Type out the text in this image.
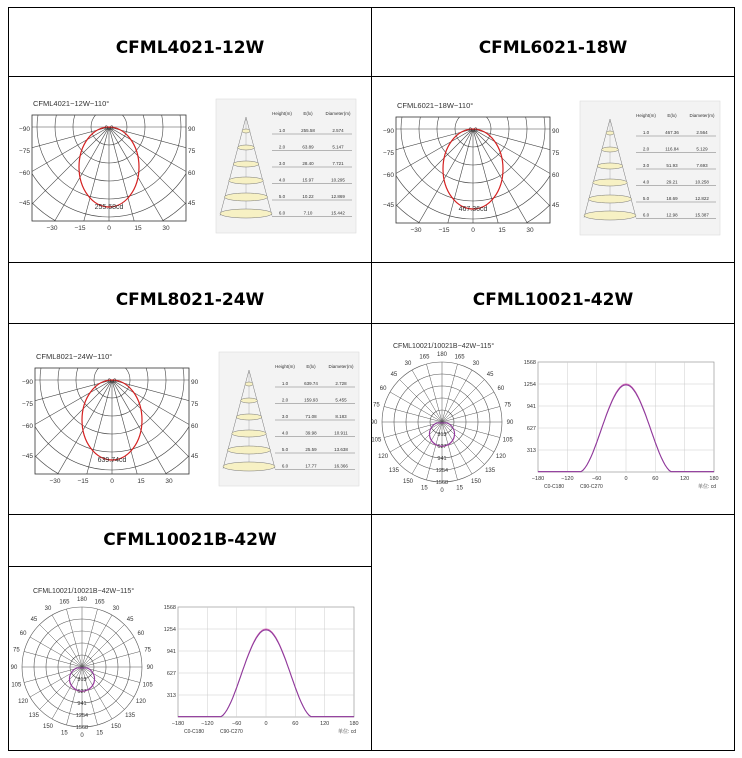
CFML4021-12W	CFML6021-18W
CFML8021-24W	CFML10021-42W
CFML10021B-42W
CFML4021−12W−110°
0.0
255.58cd
−90
−75
−60
−45
90
75
60
45
−30	−15	0	15	30
Height(m)	E(lx)	Diameter(m)
1.0	255.58	2.574
2.0	63.89	5.147
3.0	28.40	7.721
4.0	15.97	10.295
5.0	10.22	12.869
6.0	7.10	15.442
CFML6021−18W−110°
0.0
467.36cd
−90
−75
−60
−45
90
75
60
45
−30	−15	0	15	30
Height(m)	E(lx)	Diameter(m)
1.0	467.36	2.564
2.0	116.84	5.129
3.0	51.93	7.693
4.0	29.21	10.258
5.0	18.69	12.822
6.0	12.98	15.387
CFML8021−24W−110°
0.0
639.74cd
−90
−75
−60
−45
90
75
60
45
−30	−15	0	15	30
Height(m)	E(lx)	Diameter(m)
1.0	639.74	2.728
2.0	159.93	5.455
3.0	71.08	8.183
4.0	39.98	10.911
5.0	25.59	13.638
6.0	17.77	16.366
CFML10021/10021B−42W−115°
313
627
941
1254
1568
165 180 165
150
135
120
105
90
75
60
45
30
150
135
120
105
90
75
60
45
30
15 0 15
1568
1254
941
627
313
−180	−120	−60	0	60	120	180
C0-C180	C90-C270	单位: cd
CFML10021/10021B−42W−115°
313
627
941
1254
1568
165 180 165
150
135
120
105
90
75
60
45
30
150
135
120
105
90
75
60
45
30
15 0 15
1568
1254
941
627
313
−180	−120	−60	0	60	120	180
C0-C180	C90-C270	单位: cd
